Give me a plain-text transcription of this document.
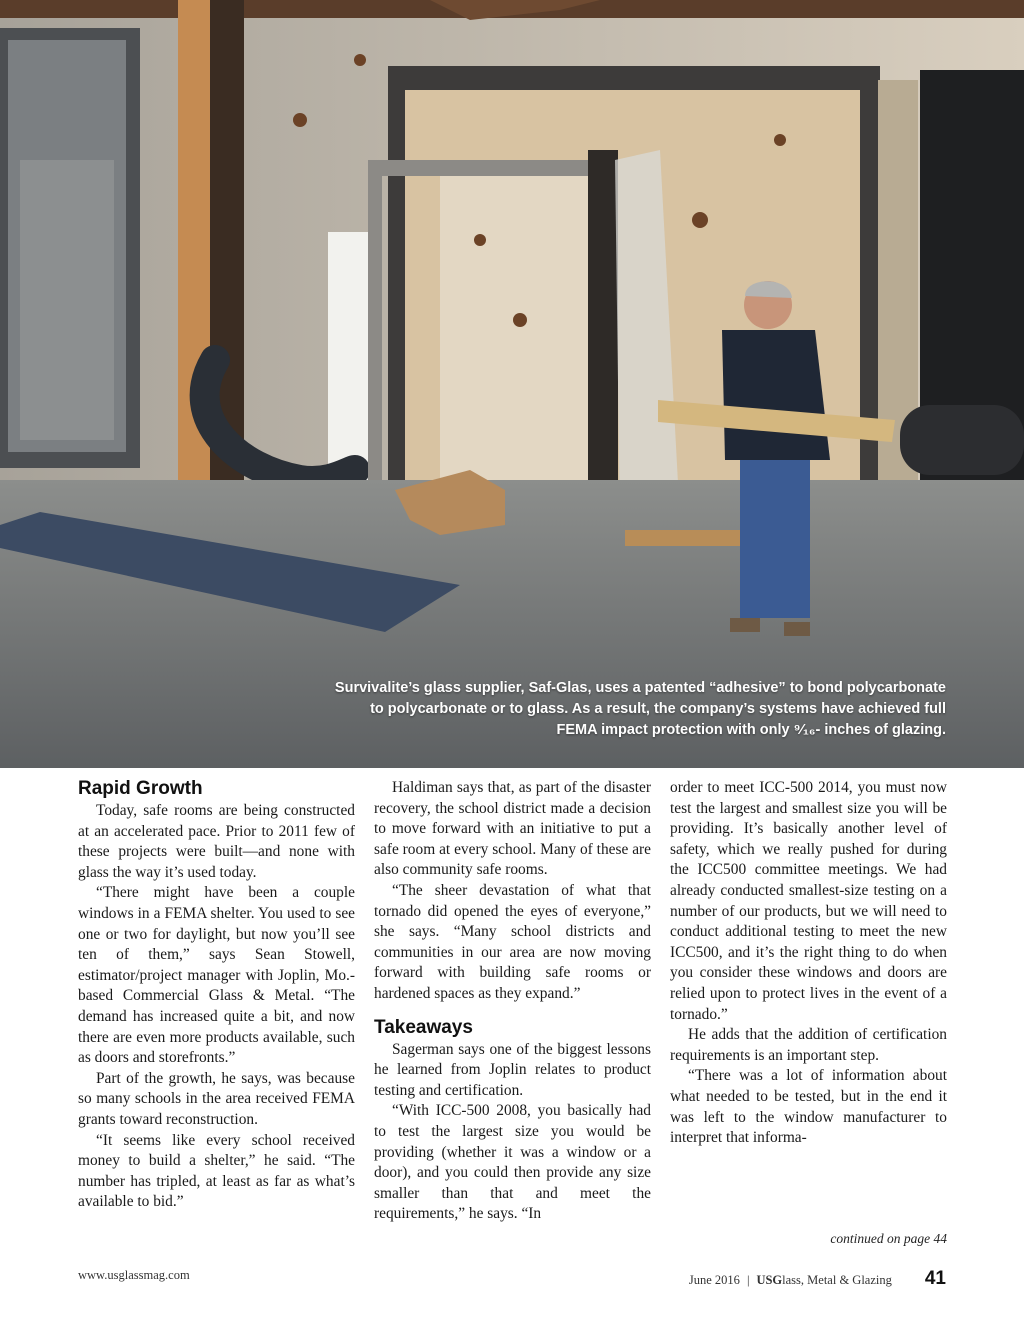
Survivalite’s glass supplier, Saf-Glas, uses a patented “adhesive” to bond polycarbonate to polycarbonate or to glass. As a result, the company’s systems have achieved full FEMA impact protection with only ⁹⁄₁₆- inches of glazing.
Rapid Growth

Today, safe rooms are being constructed at an accelerated pace. Prior to 2011 few of these projects were built—and none with glass the way it’s used today.

“There might have been a couple windows in a FEMA shelter. You used to see one or two for daylight, but now you’ll see ten of them,” says Sean Stowell, estimator/project manager with Joplin, Mo.-based Commercial Glass & Metal. “The demand has increased quite a bit, and now there are even more products available, such as doors and storefronts.”

Part of the growth, he says, was because so many schools in the area received FEMA grants toward reconstruction.

“It seems like every school received money to build a shelter,” he said. “The number has tripled, at least as far as what’s available to bid.”

Haldiman says that, as part of the disaster recovery, the school district made a decision to move forward with an initiative to put a safe room at every school. Many of these are also community safe rooms.

“The sheer devastation of what that tornado did opened the eyes of everyone,” she says. “Many school districts and communities in our area are now moving forward with building safe rooms or hardened spaces as they expand.”

Takeaways

Sagerman says one of the biggest lessons he learned from Joplin relates to product testing and certification.

“With ICC-500 2008, you basically had to test the largest size you would be providing (whether it was a window or a door), and you could then provide any size smaller than that and meet the requirements,” he says. “In

order to meet ICC-500 2014, you must now test the largest and smallest size you will be providing. It’s basically another level of safety, which we really pushed for during the ICC500 committee meetings. We had already conducted smallest-size testing on a number of our products, but we will need to conduct additional testing to meet the new ICC500, and it’s the right thing to do when you consider these windows and doors are relied upon to protect lives in the event of a tornado.”

He adds that the addition of certification requirements is an important step.

“There was a lot of information about what needed to be tested, but in the end it was left to the window manufacturer to interpret that informa-

continued on page 44
www.usglassmag.com	June 2016 | USGlass, Metal & Glazing 41
